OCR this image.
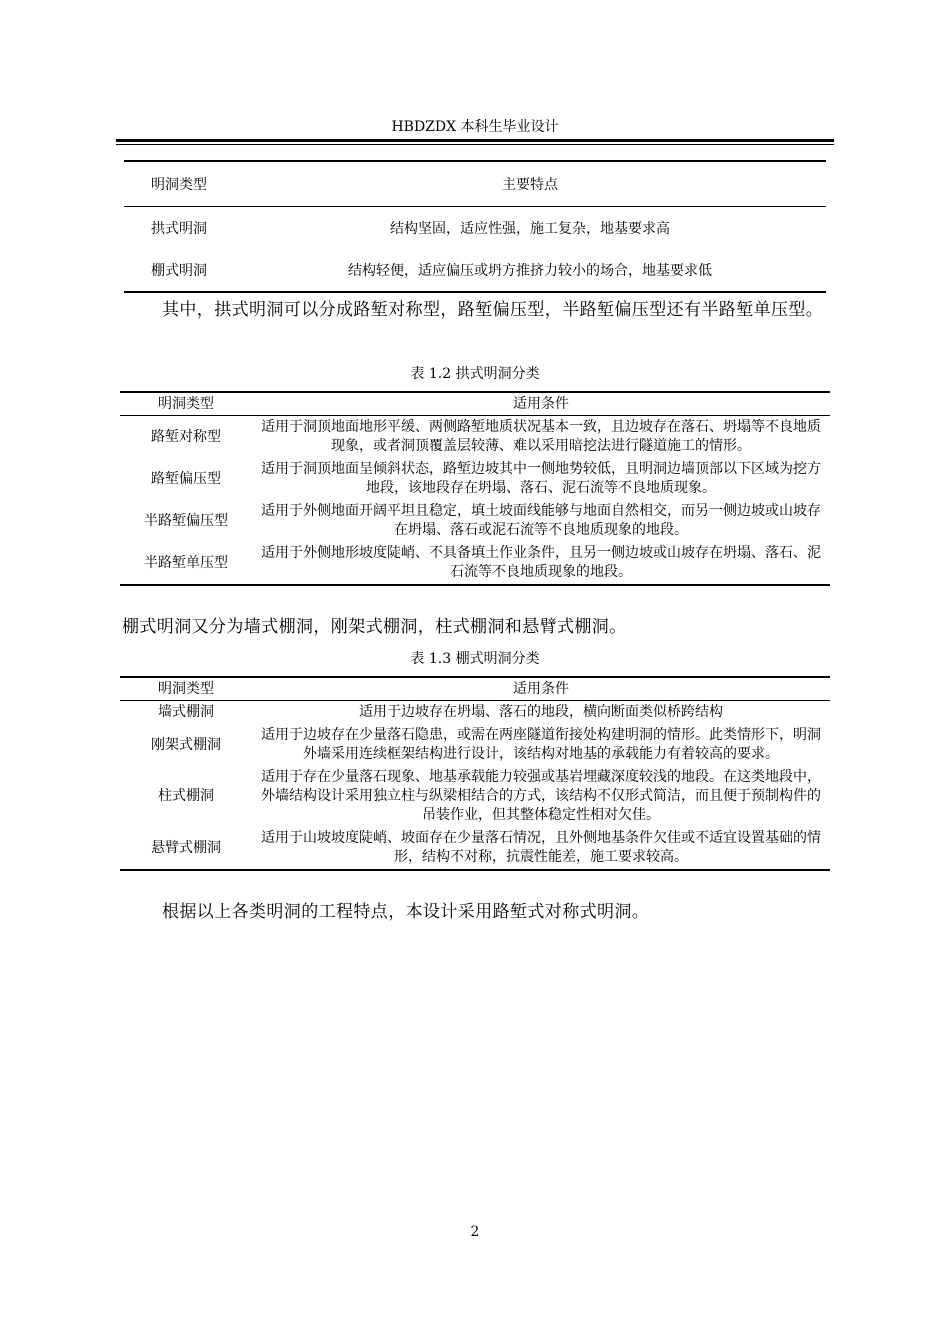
HBDZDX 本科生毕业设计
明洞类型	主要特点
拱式明洞	结构坚固，适应性强，施工复杂，地基要求高
棚式明洞	结构轻便，适应偏压或坍方推挤力较小的场合，地基要求低
其中，拱式明洞可以分成路堑对称型，路堑偏压型，半路堑偏压型还有半路堑单压型。
表 1.2 拱式明洞分类
明洞类型	适用条件
路堑对称型	适用于洞顶地面地形平缓、两侧路堑地质状况基本一致，且边坡存在落石、坍塌等不良地质现象，或者洞顶覆盖层较薄、难以采用暗挖法进行隧道施工的情形。
路堑偏压型	适用于洞顶地面呈倾斜状态，路堑边坡其中一侧地势较低，且明洞边墙顶部以下区域为挖方地段，该地段存在坍塌、落石、泥石流等不良地质现象。
半路堑偏压型	适用于外侧地面开阔平坦且稳定，填土坡面线能够与地面自然相交，而另一侧边坡或山坡存在坍塌、落石或泥石流等不良地质现象的地段。
半路堑单压型	适用于外侧地形坡度陡峭、不具备填土作业条件，且另一侧边坡或山坡存在坍塌、落石、泥石流等不良地质现象的地段。
棚式明洞又分为墙式棚洞，刚架式棚洞，柱式棚洞和悬臂式棚洞。
表 1.3 棚式明洞分类
明洞类型	适用条件
墙式棚洞	适用于边坡存在坍塌、落石的地段，横向断面类似桥跨结构
刚架式棚洞	适用于边坡存在少量落石隐患，或需在两座隧道衔接处构建明洞的情形。此类情形下，明洞外墙采用连续框架结构进行设计，该结构对地基的承载能力有着较高的要求。
柱式棚洞	适用于存在少量落石现象、地基承载能力较强或基岩埋藏深度较浅的地段。在这类地段中，外墙结构设计采用独立柱与纵梁相结合的方式，该结构不仅形式简洁，而且便于预制构件的吊装作业，但其整体稳定性相对欠佳。
悬臂式棚洞	适用于山坡坡度陡峭、坡面存在少量落石情况，且外侧地基条件欠佳或不适宜设置基础的情形，结构不对称，抗震性能差，施工要求较高。
根据以上各类明洞的工程特点，本设计采用路堑式对称式明洞。
2
